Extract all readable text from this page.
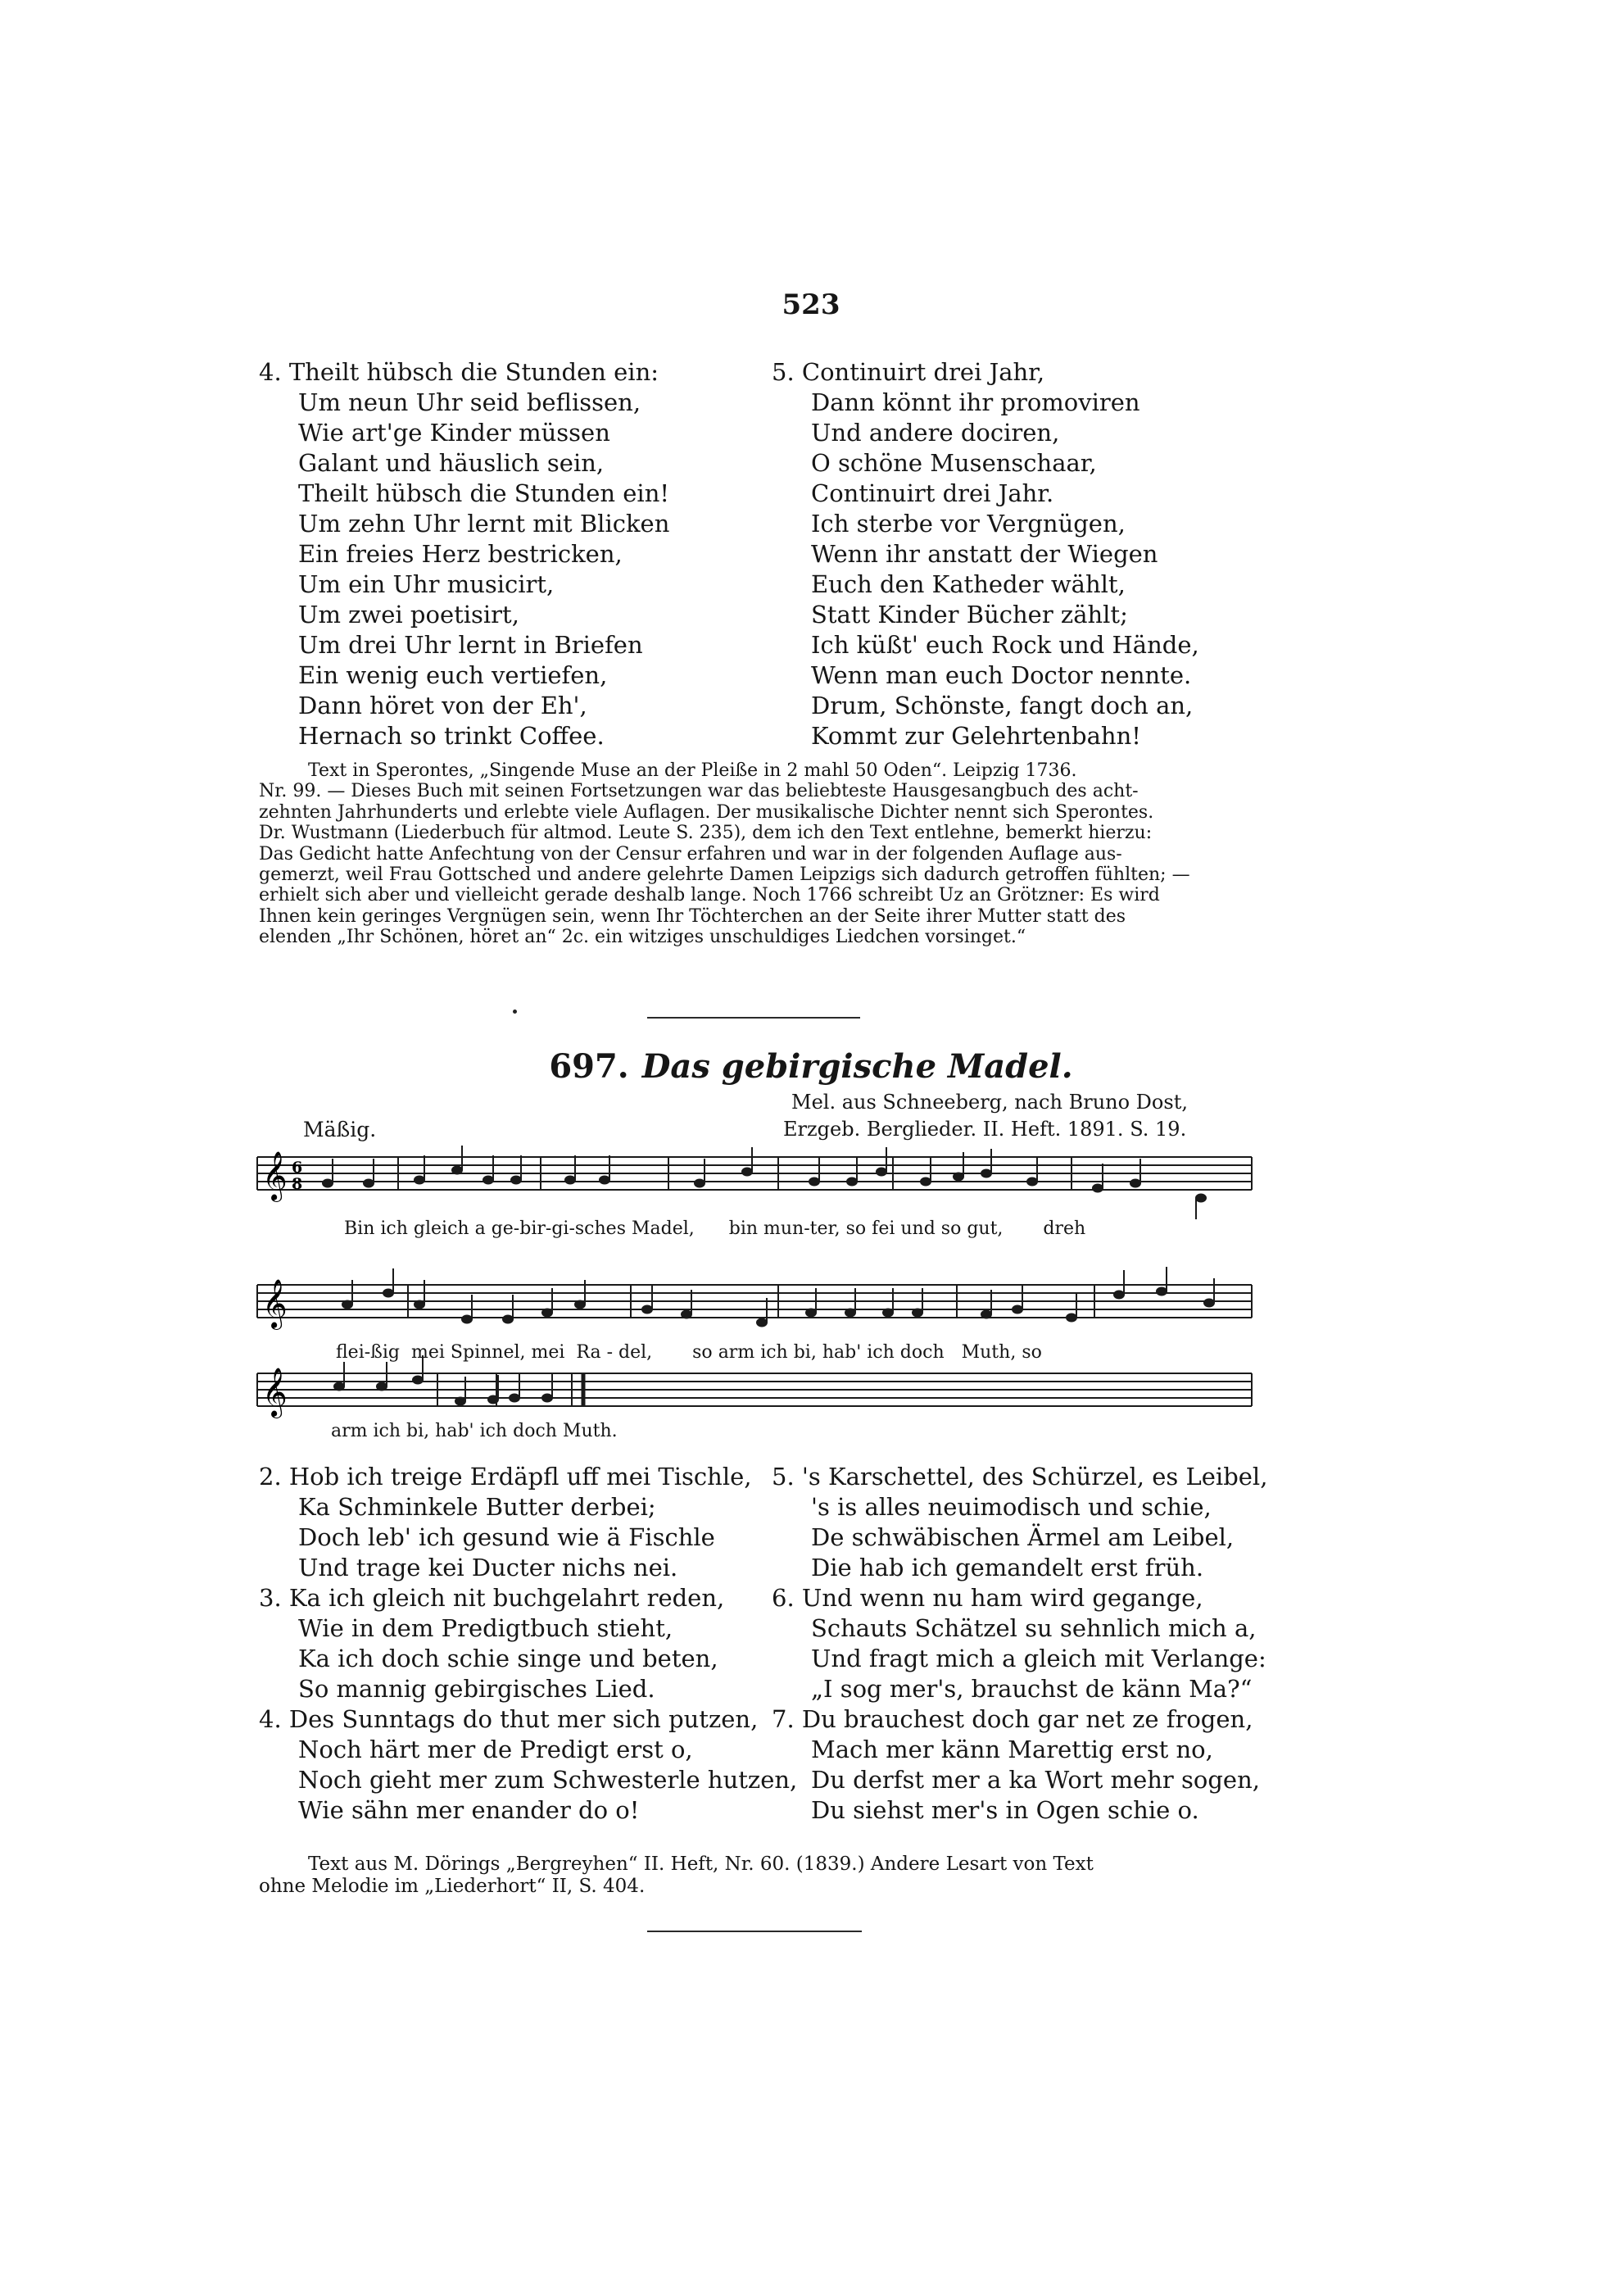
523
4. Theilt hübsch die Stunden ein:
Um neun Uhr seid beflissen,
Wie art'ge Kinder müssen
Galant und häuslich sein,
Theilt hübsch die Stunden ein!
Um zehn Uhr lernt mit Blicken
Ein freies Herz bestricken,
Um ein Uhr musicirt,
Um zwei poetisirt,
Um drei Uhr lernt in Briefen
Ein wenig euch vertiefen,
Dann höret von der Eh',
Hernach so trinkt Coffee.
5. Continuirt drei Jahr,
Dann könnt ihr promoviren
Und andere dociren,
O schöne Musenschaar,
Continuirt drei Jahr.
Ich sterbe vor Vergnügen,
Wenn ihr anstatt der Wiegen
Euch den Katheder wählt,
Statt Kinder Bücher zählt;
Ich küßt' euch Rock und Hände,
Wenn man euch Doctor nennte.
Drum, Schönste, fangt doch an,
Kommt zur Gelehrtenbahn!
Text in Sperontes, „Singende Muse an der Pleiße in 2 mahl 50 Oden“. Leipzig 1736.
Nr. 99. — Dieses Buch mit seinen Fortsetzungen war das beliebteste Hausgesangbuch des acht-
zehnten Jahrhunderts und erlebte viele Auflagen. Der musikalische Dichter nennt sich Sperontes.
Dr. Wustmann (Liederbuch für altmod. Leute S. 235), dem ich den Text entlehne, bemerkt hierzu:
Das Gedicht hatte Anfechtung von der Censur erfahren und war in der folgenden Auflage aus-
gemerzt, weil Frau Gottsched und andere gelehrte Damen Leipzigs sich dadurch getroffen fühlten; —
erhielt sich aber und vielleicht gerade deshalb lange. Noch 1766 schreibt Uz an Grötzner: Es wird
Ihnen kein geringes Vergnügen sein, wenn Ihr Töchterchen an der Seite ihrer Mutter statt des
elenden „Ihr Schönen, höret an“ 2c. ein witziges unschuldiges Liedchen vorsinget.“
697. Das gebirgische Madel.
Mel. aus Schneeberg, nach Bruno Dost,
Erzgeb. Berglieder. II. Heft. 1891. S. 19.
Mäßig.
𝄞 6
8
Bin ich gleich a ge-bir-gi-sches Madel, bin mun-ter, so fei und so gut, dreh
𝄞
flei-ßig mei Spinnel, mei Ra - del, so arm ich bi, hab' ich doch Muth, so
𝄞
arm ich bi, hab' ich doch Muth.
2. Hob ich treige Erdäpfl uff mei Tischle,
Ka Schminkele Butter derbei;
Doch leb' ich gesund wie ä Fischle
Und trage kei Ducter nichs nei.
3. Ka ich gleich nit buchgelahrt reden,
Wie in dem Predigtbuch stieht,
Ka ich doch schie singe und beten,
So mannig gebirgisches Lied.
4. Des Sunntags do thut mer sich putzen,
Noch härt mer de Predigt erst o,
Noch gieht mer zum Schwesterle hutzen,
Wie sähn mer enander do o!
5. 's Karschettel, des Schürzel, es Leibel,
's is alles neuimodisch und schie,
De schwäbischen Ärmel am Leibel,
Die hab ich gemandelt erst früh.
6. Und wenn nu ham wird gegange,
Schauts Schätzel su sehnlich mich a,
Und fragt mich a gleich mit Verlange:
„I sog mer's, brauchst de känn Ma?“
7. Du brauchest doch gar net ze frogen,
Mach mer känn Marettig erst no,
Du derfst mer a ka Wort mehr sogen,
Du siehst mer's in Ogen schie o.
Text aus M. Dörings „Bergreyhen“ II. Heft, Nr. 60. (1839.) Andere Lesart von Text
ohne Melodie im „Liederhort“ II, S. 404.
